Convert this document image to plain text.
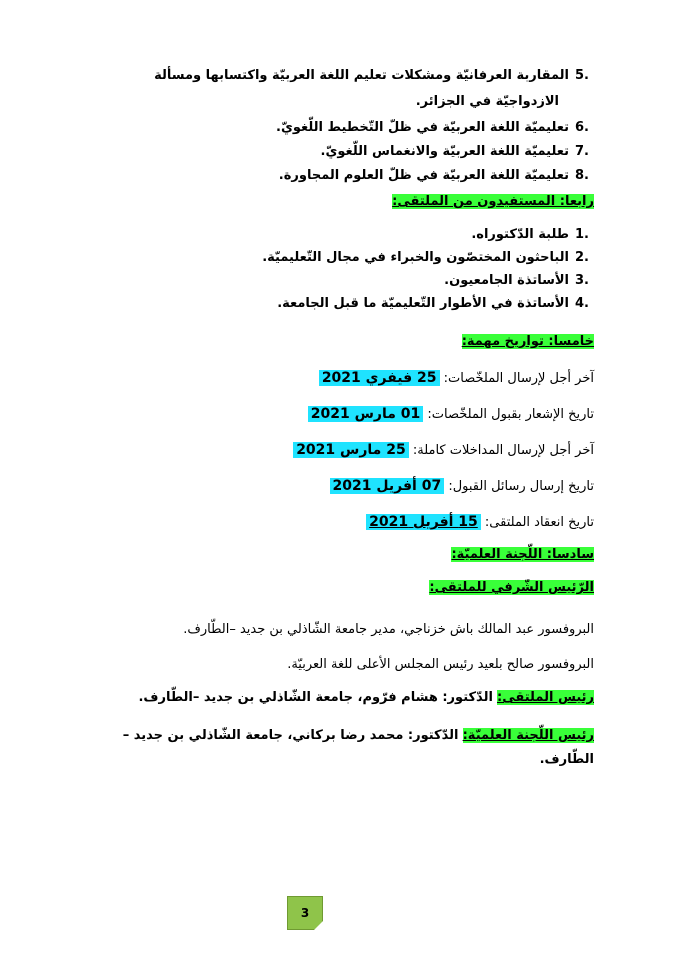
5.المقاربة العرفانيّة ومشكلات تعليم اللغة العربيّة واكتسابها ومسألة
الازدواجيّة في الجزائر.
6.تعليميّة اللغة العربيّة في ظلّ التّخطيط اللّغويّ.
7.تعليميّة اللغة العربيّة والانغماس اللّغويّ.
8.تعليميّة اللغة العربيّة في ظلّ العلوم المجاورة.
رابعا: المستفيدون من الملتقى:
1.طلبة الدّكتوراه.
2.الباحثون المختصّون والخبراء في مجال التّعليميّة.
3.الأساتذة الجامعيون.
4.الأساتذة في الأطوار التّعليميّة ما قبل الجامعة.
خامسا: تواريخ مهمة:
آخر أجل لإرسال الملخّصات: 25 فيفري 2021
تاريخ الإشعار بقبول الملخّصات: 01 مارس 2021
آخر أجل لإرسال المداخلات كاملة: 25 مارس 2021
تاريخ إرسال رسائل القبول: 07 أفريل 2021
تاريخ انعقاد الملتقى: 15 أفريل 2021
سادسا: اللّجنة العلميّة:
الرّئيس الشّرفي للملتقى:
البروفسور عبد المالك باش خزناجي، مدير جامعة الشّاذلي بن جديد –الطّارف.
البروفسور صالح بلعيد رئيس المجلس الأعلى للغة العربيّة.
رئيس الملتقى: الدّكتور: هشام فرّوم، جامعة الشّاذلي بن جديد –الطّارف.
رئيس اللّجنة العلميّة: الدّكتور: محمد رضا بركاني، جامعة الشّاذلي بن جديد –
الطّارف.
3
